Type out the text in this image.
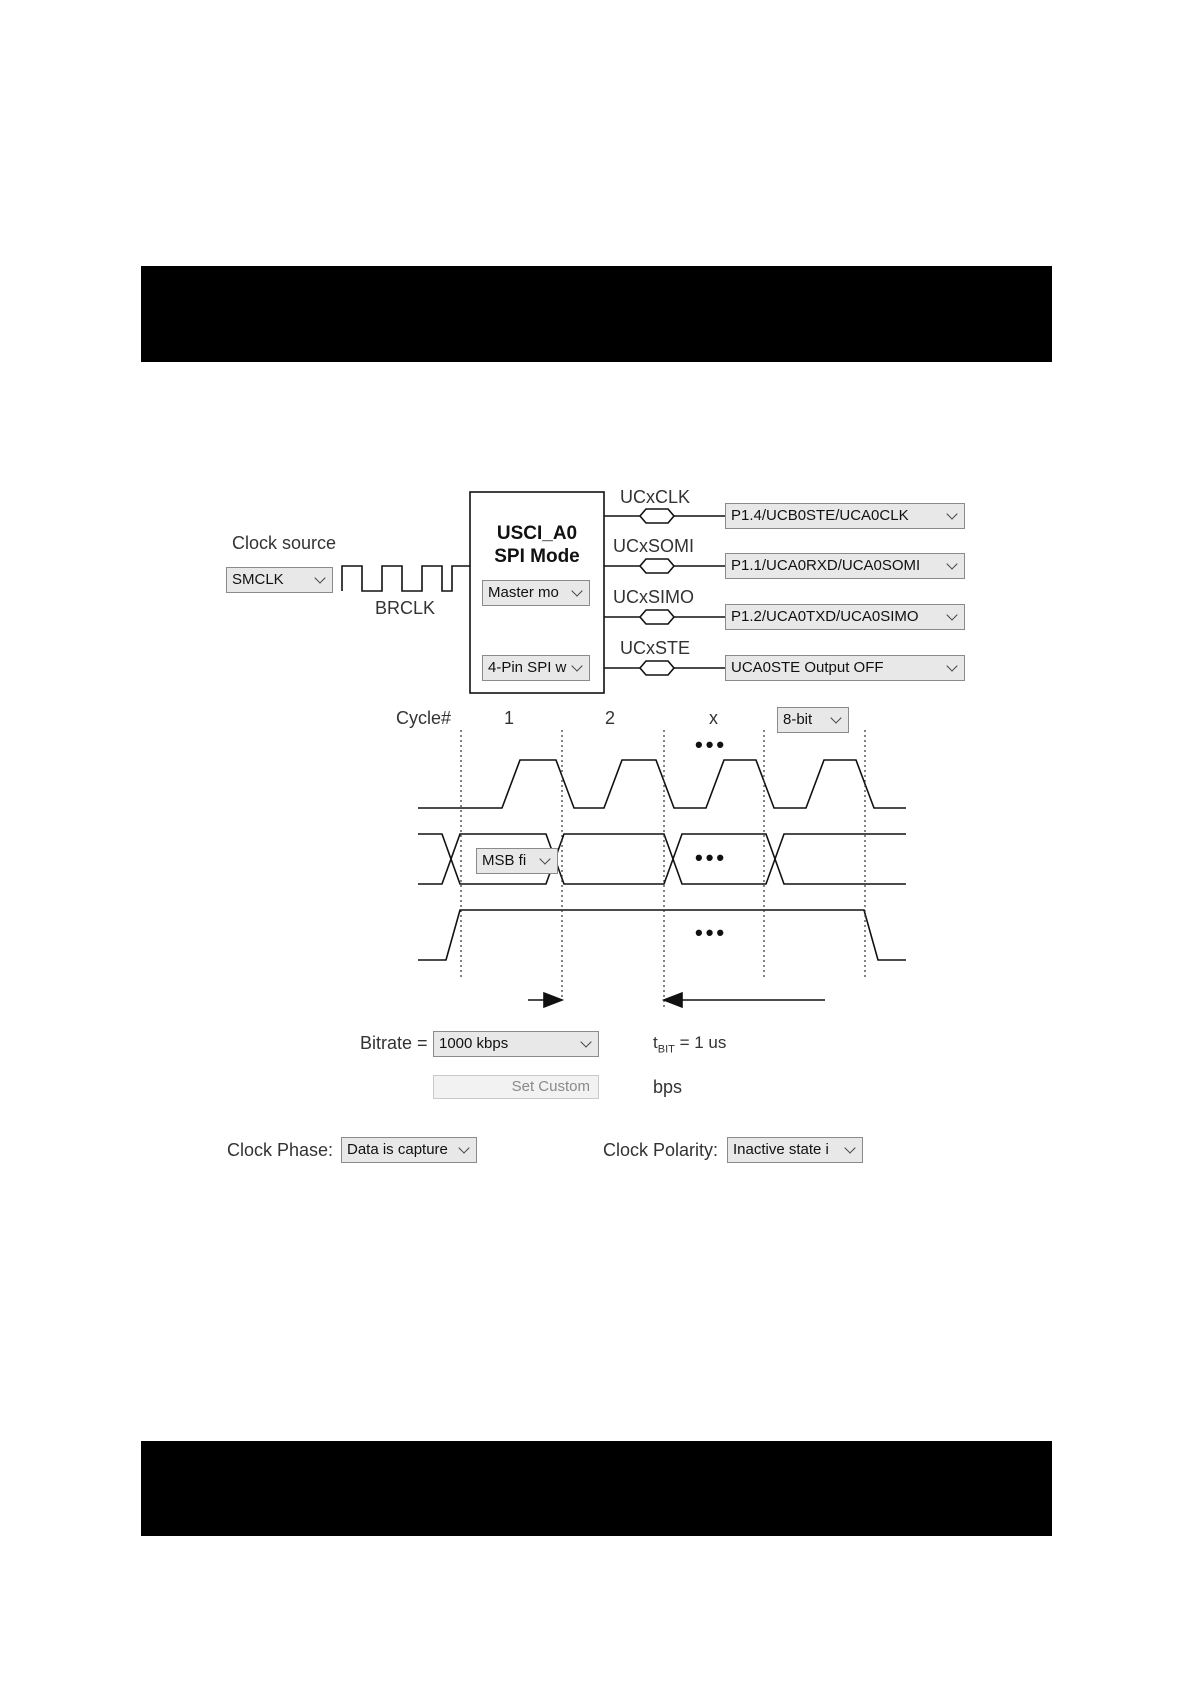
USCI_A0
SPI Mode
Master mo
4-Pin SPI w
Clock source
SMCLK
BRCLK
UCxCLK
P1.4/UCB0STE/UCA0CLK
UCxSOMI
P1.1/UCA0RXD/UCA0SOMI
UCxSIMO
P1.2/UCA0TXD/UCA0SIMO
UCxSTE
UCA0STE Output OFF
Cycle#	1	2	x	8-bit
•••
MSB fi	•••
•••
Bitrate = 1000 kbps	$t_{BIT} = 1$ us
Set Custom	bps
Clock Phase: Data is capture	Clock Polarity: Inactive state i
